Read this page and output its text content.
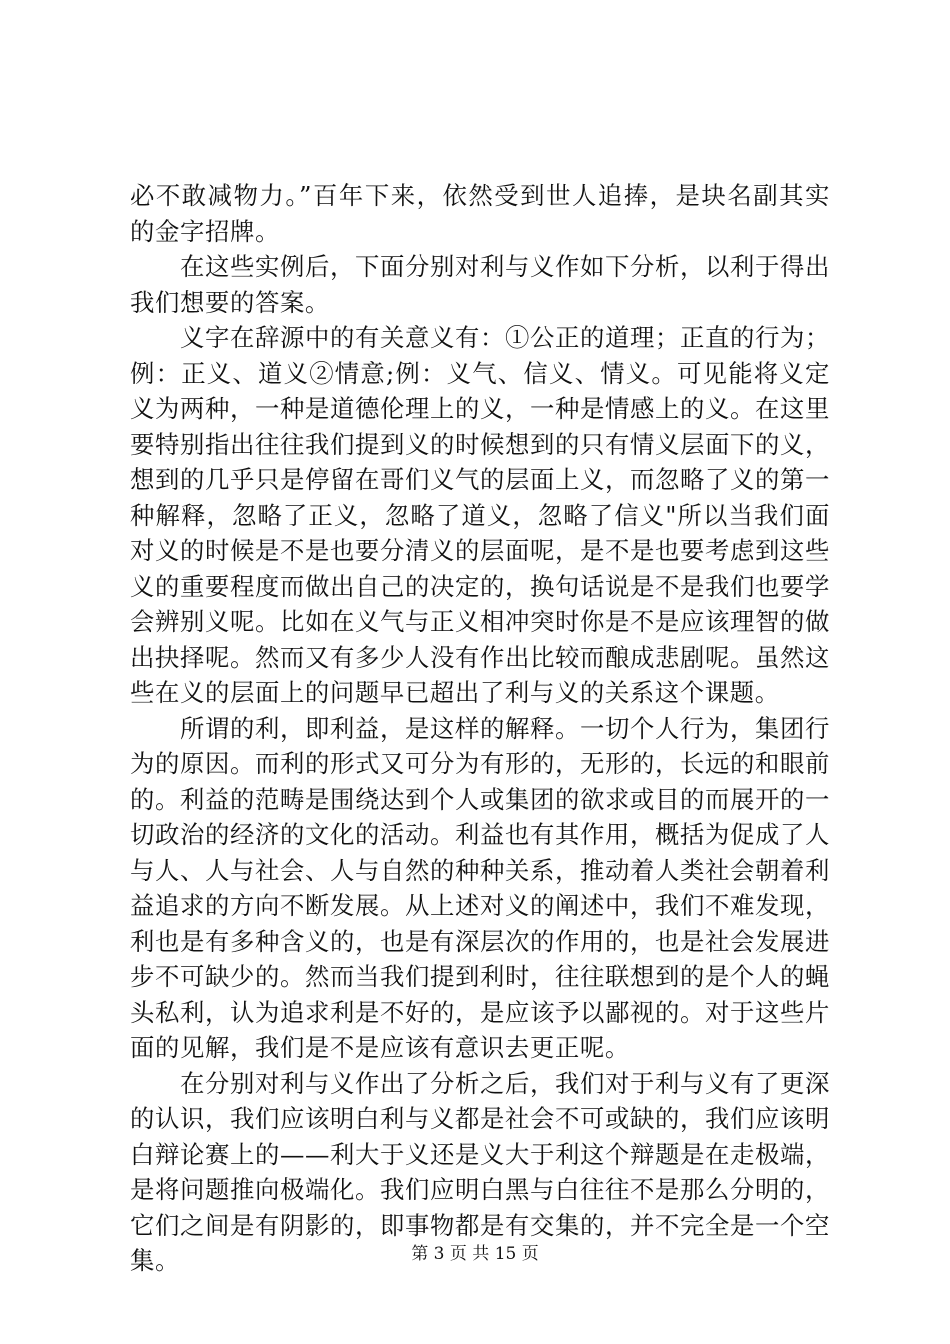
必不敢减物力。”百年下来，依然受到世人追捧，是块名副其实的金字招牌。

在这些实例后，下面分别对利与义作如下分析，以利于得出我们想要的答案。

义字在辞源中的有关意义有：①公正的道理；正直的行为；例：正义、道义②情意;例：义气、信义、情义。可见能将义定义为两种，一种是道德伦理上的义，一种是情感上的义。在这里要特别指出往往我们提到义的时候想到的只有情义层面下的义，想到的几乎只是停留在哥们义气的层面上义，而忽略了义的第一种解释，忽略了正义，忽略了道义，忽略了信义"所以当我们面对义的时候是不是也要分清义的层面呢，是不是也要考虑到这些义的重要程度而做出自己的决定的，换句话说是不是我们也要学会辨别义呢。比如在义气与正义相冲突时你是不是应该理智的做出抉择呢。然而又有多少人没有作出比较而酿成悲剧呢。虽然这些在义的层面上的问题早已超出了利与义的关系这个课题。

所谓的利，即利益，是这样的解释。一切个人行为，集团行为的原因。而利的形式又可分为有形的，无形的，长远的和眼前的。利益的范畴是围绕达到个人或集团的欲求或目的而展开的一切政治的经济的文化的活动。利益也有其作用，概括为促成了人与人、人与社会、人与自然的种种关系，推动着人类社会朝着利益追求的方向不断发展。从上述对义的阐述中，我们不难发现，利也是有多种含义的，也是有深层次的作用的，也是社会发展进步不可缺少的。然而当我们提到利时，往往联想到的是个人的蝇头私利，认为追求利是不好的，是应该予以鄙视的。对于这些片面的见解，我们是不是应该有意识去更正呢。

在分别对利与义作出了分析之后，我们对于利与义有了更深的认识，我们应该明白利与义都是社会不可或缺的，我们应该明白辩论赛上的——利大于义还是义大于利这个辩题是在走极端，是将问题推向极端化。我们应明白黑与白往往不是那么分明的，它们之间是有阴影的，即事物都是有交集的，并不完全是一个空集。	第 3 页 共 15 页
